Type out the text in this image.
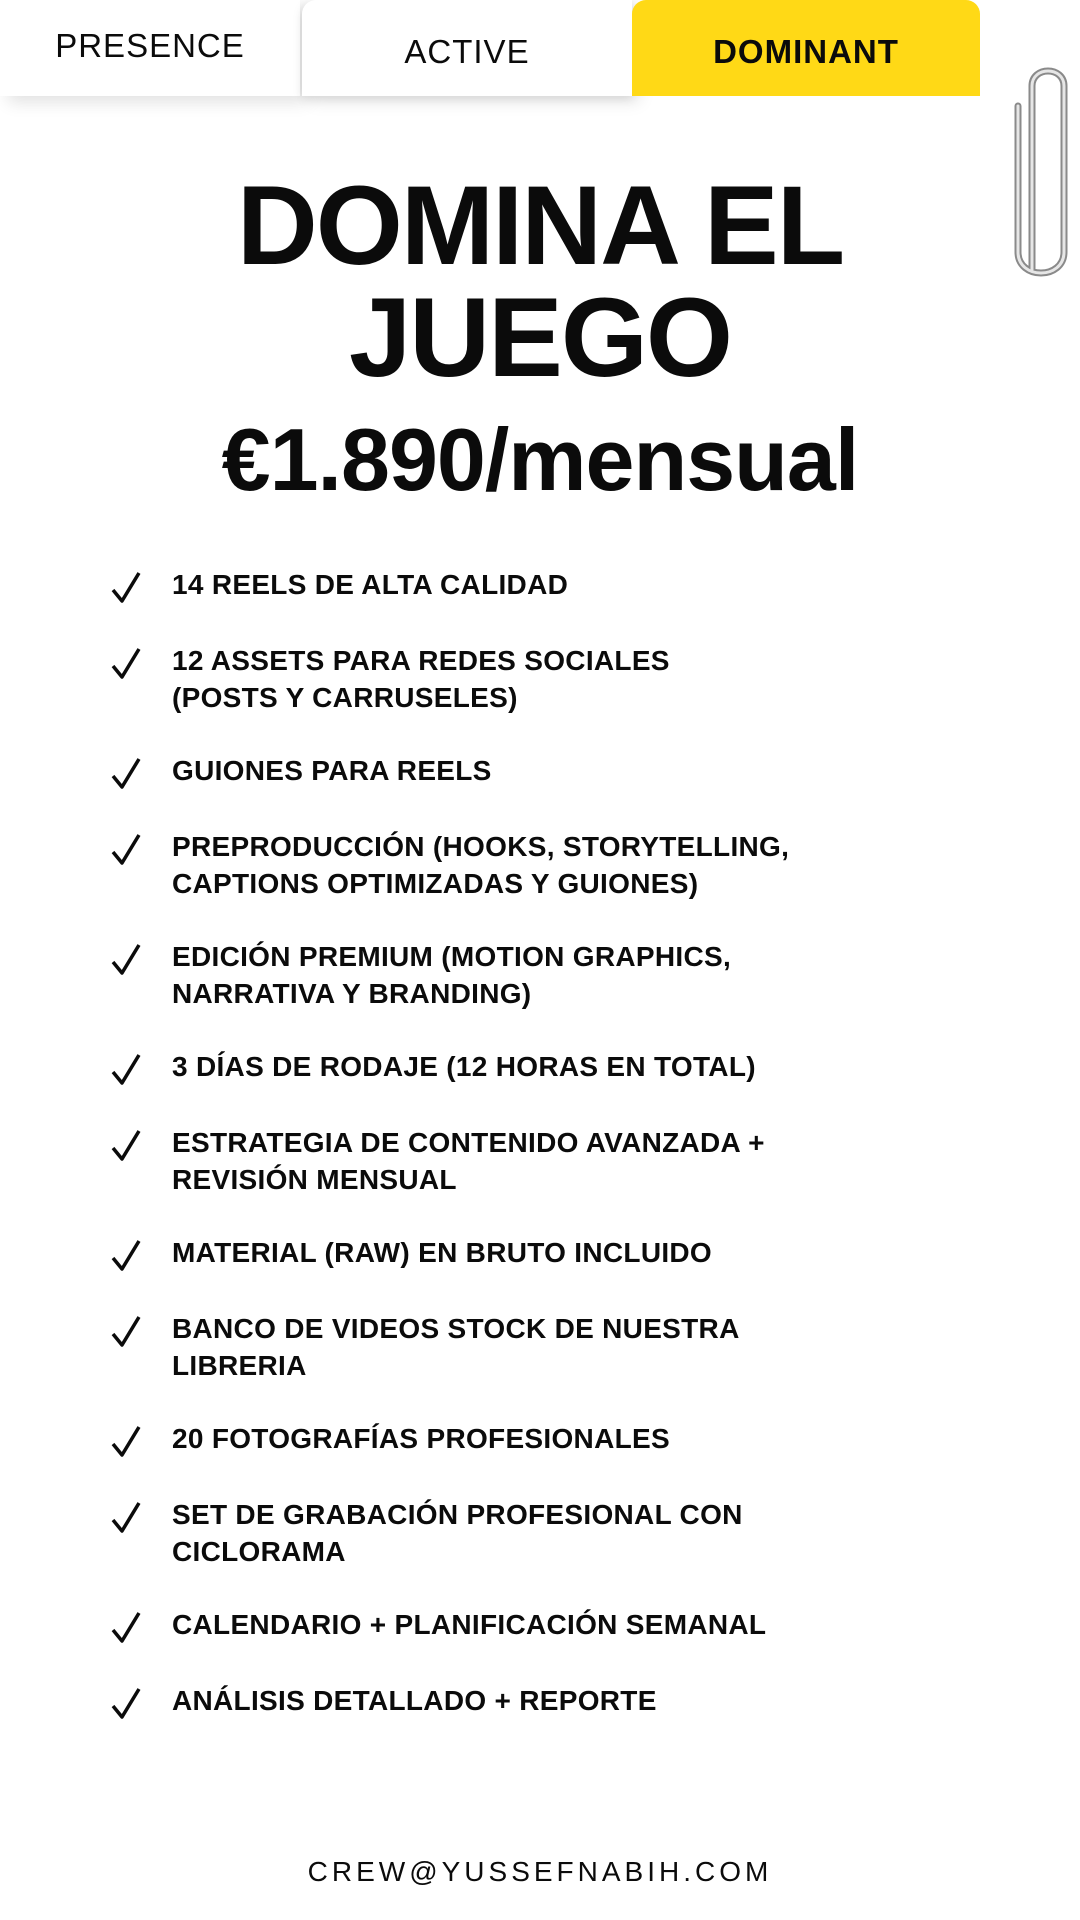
PRESENCE	ACTIVE	DOMINANT
DOMINA EL
JUEGO

€1.890/mensual

14 REELS DE ALTA CALIDAD
12 ASSETS PARA REDES SOCIALES
(POSTS Y CARRUSELES)
GUIONES PARA REELS
PREPRODUCCIÓN (HOOKS, STORYTELLING,
CAPTIONS OPTIMIZADAS Y GUIONES)
EDICIÓN PREMIUM (MOTION GRAPHICS,
NARRATIVA Y BRANDING)
3 DÍAS DE RODAJE (12 HORAS EN TOTAL)
ESTRATEGIA DE CONTENIDO AVANZADA +
REVISIÓN MENSUAL
MATERIAL (RAW) EN BRUTO INCLUIDO
BANCO DE VIDEOS STOCK DE NUESTRA
LIBRERIA
20 FOTOGRAFÍAS PROFESIONALES
SET DE GRABACIÓN PROFESIONAL CON
CICLORAMA
CALENDARIO + PLANIFICACIÓN SEMANAL
ANÁLISIS DETALLADO + REPORTE
CREW@YUSSEFNABIH.COM
